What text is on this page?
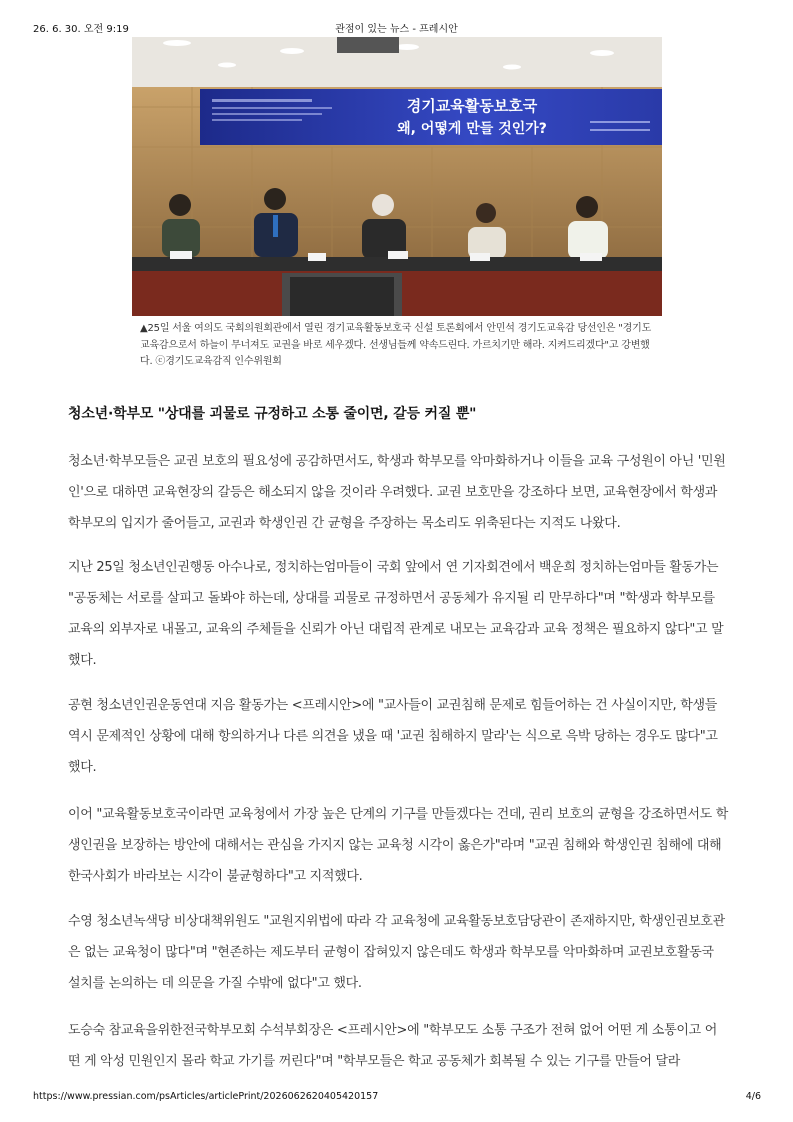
26. 6. 30. 오전 9:19	관점이 있는 뉴스 - 프레시안
경기교육활동보호국
왜, 어떻게 만들 것인가?
▲25일 서울 여의도 국회의원회관에서 열린 경기교육활동보호국 신설 토론회에서 안민석 경기도교육감 당선인은 "경기도교육감으로서 하늘이 무너져도 교권을 바로 세우겠다. 선생님들께 약속드린다. 가르치기만 해라. 지켜드리겠다"고 강변했다. ⓒ경기도교육감직 인수위원회
청소년·학부모 "상대를 괴물로 규정하고 소통 줄이면, 갈등 커질 뿐"
청소년·학부모들은 교권 보호의 필요성에 공감하면서도, 학생과 학부모를 악마화하거나 이들을 교육 구성원이 아닌 '민원인'으로 대하면 교육현장의 갈등은 해소되지 않을 것이라 우려했다. 교권 보호만을 강조하다 보면, 교육현장에서 학생과 학부모의 입지가 줄어들고, 교권과 학생인권 간 균형을 주장하는 목소리도 위축된다는 지적도 나왔다.
지난 25일 청소년인권행동 아수나로, 정치하는엄마들이 국회 앞에서 연 기자회견에서 백운희 정치하는엄마들 활동가는 "공동체는 서로를 살피고 돌봐야 하는데, 상대를 괴물로 규정하면서 공동체가 유지될 리 만무하다"며 "학생과 학부모를 교육의 외부자로 내몰고, 교육의 주체들을 신뢰가 아닌 대립적 관계로 내모는 교육감과 교육 정책은 필요하지 않다"고 말했다.
공현 청소년인권운동연대 지음 활동가는 <프레시안>에 "교사들이 교권침해 문제로 힘들어하는 건 사실이지만, 학생들 역시 문제적인 상황에 대해 항의하거나 다른 의견을 냈을 때 '교권 침해하지 말라'는 식으로 윽박 당하는 경우도 많다"고 했다.
이어 "교육활동보호국이라면 교육청에서 가장 높은 단계의 기구를 만들겠다는 건데, 권리 보호의 균형을 강조하면서도 학생인권을 보장하는 방안에 대해서는 관심을 가지지 않는 교육청 시각이 옳은가"라며 "교권 침해와 학생인권 침해에 대해 한국사회가 바라보는 시각이 불균형하다"고 지적했다.
수영 청소년녹색당 비상대책위원도 "교원지위법에 따라 각 교육청에 교육활동보호담당관이 존재하지만, 학생인권보호관은 없는 교육청이 많다"며 "현존하는 제도부터 균형이 잡혀있지 않은데도 학생과 학부모를 악마화하며 교권보호활동국 설치를 논의하는 데 의문을 가질 수밖에 없다"고 했다.
도승숙 참교육을위한전국학부모회 수석부회장은 <프레시안>에 "학부모도 소통 구조가 전혀 없어 어떤 게 소통이고 어떤 게 악성 민원인지 몰라 학교 가기를 꺼린다"며 "학부모들은 학교 공동체가 회복될 수 있는 기구를 만들어 달라
https://www.pressian.com/psArticles/articlePrint/2026062620405420157	4/6
